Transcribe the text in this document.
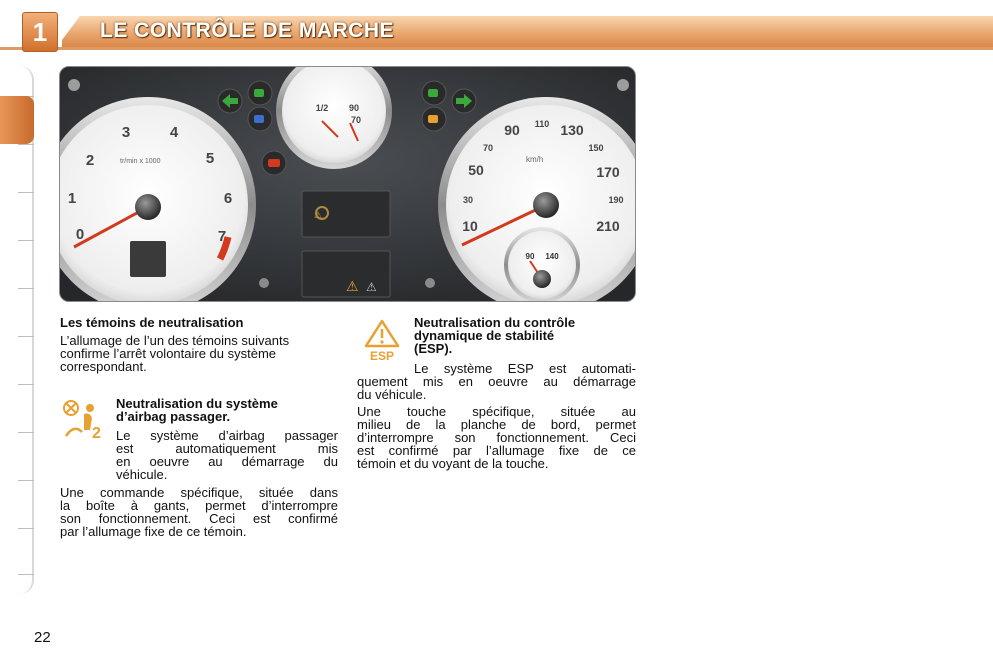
1	LE CONTRÔLE DE MARCHE
0
1
2
3	4
5
6
7
tr/min x 1000
10
30
50
70
90 110 130
150
170
190
210
km/h
90 140
1/2 90
70
⚠
⚠ ⚠
Les témoins de neutralisation
L’allumage de l’un des témoins suivants
confirme l’arrêt volontaire du système
correspondant.
2
Neutralisation du système
d’airbag passager.
Le système d’airbag passager
est automatiquement mis
en oeuvre au démarrage du
véhicule.
Une commande spécifique, située dans
la boîte à gants, permet d’interrompre
son fonctionnement. Ceci est confirmé
par l’allumage fixe de ce témoin.
ESP
Neutralisation du contrôle
dynamique de stabilité
(ESP).
Le système ESP est automati-
quement mis en oeuvre au démarrage
du véhicule.
Une touche spécifique, située au
milieu de la planche de bord, permet
d’interrompre son fonctionnement. Ceci
est confirmé par l’allumage fixe de ce
témoin et du voyant de la touche.
22
